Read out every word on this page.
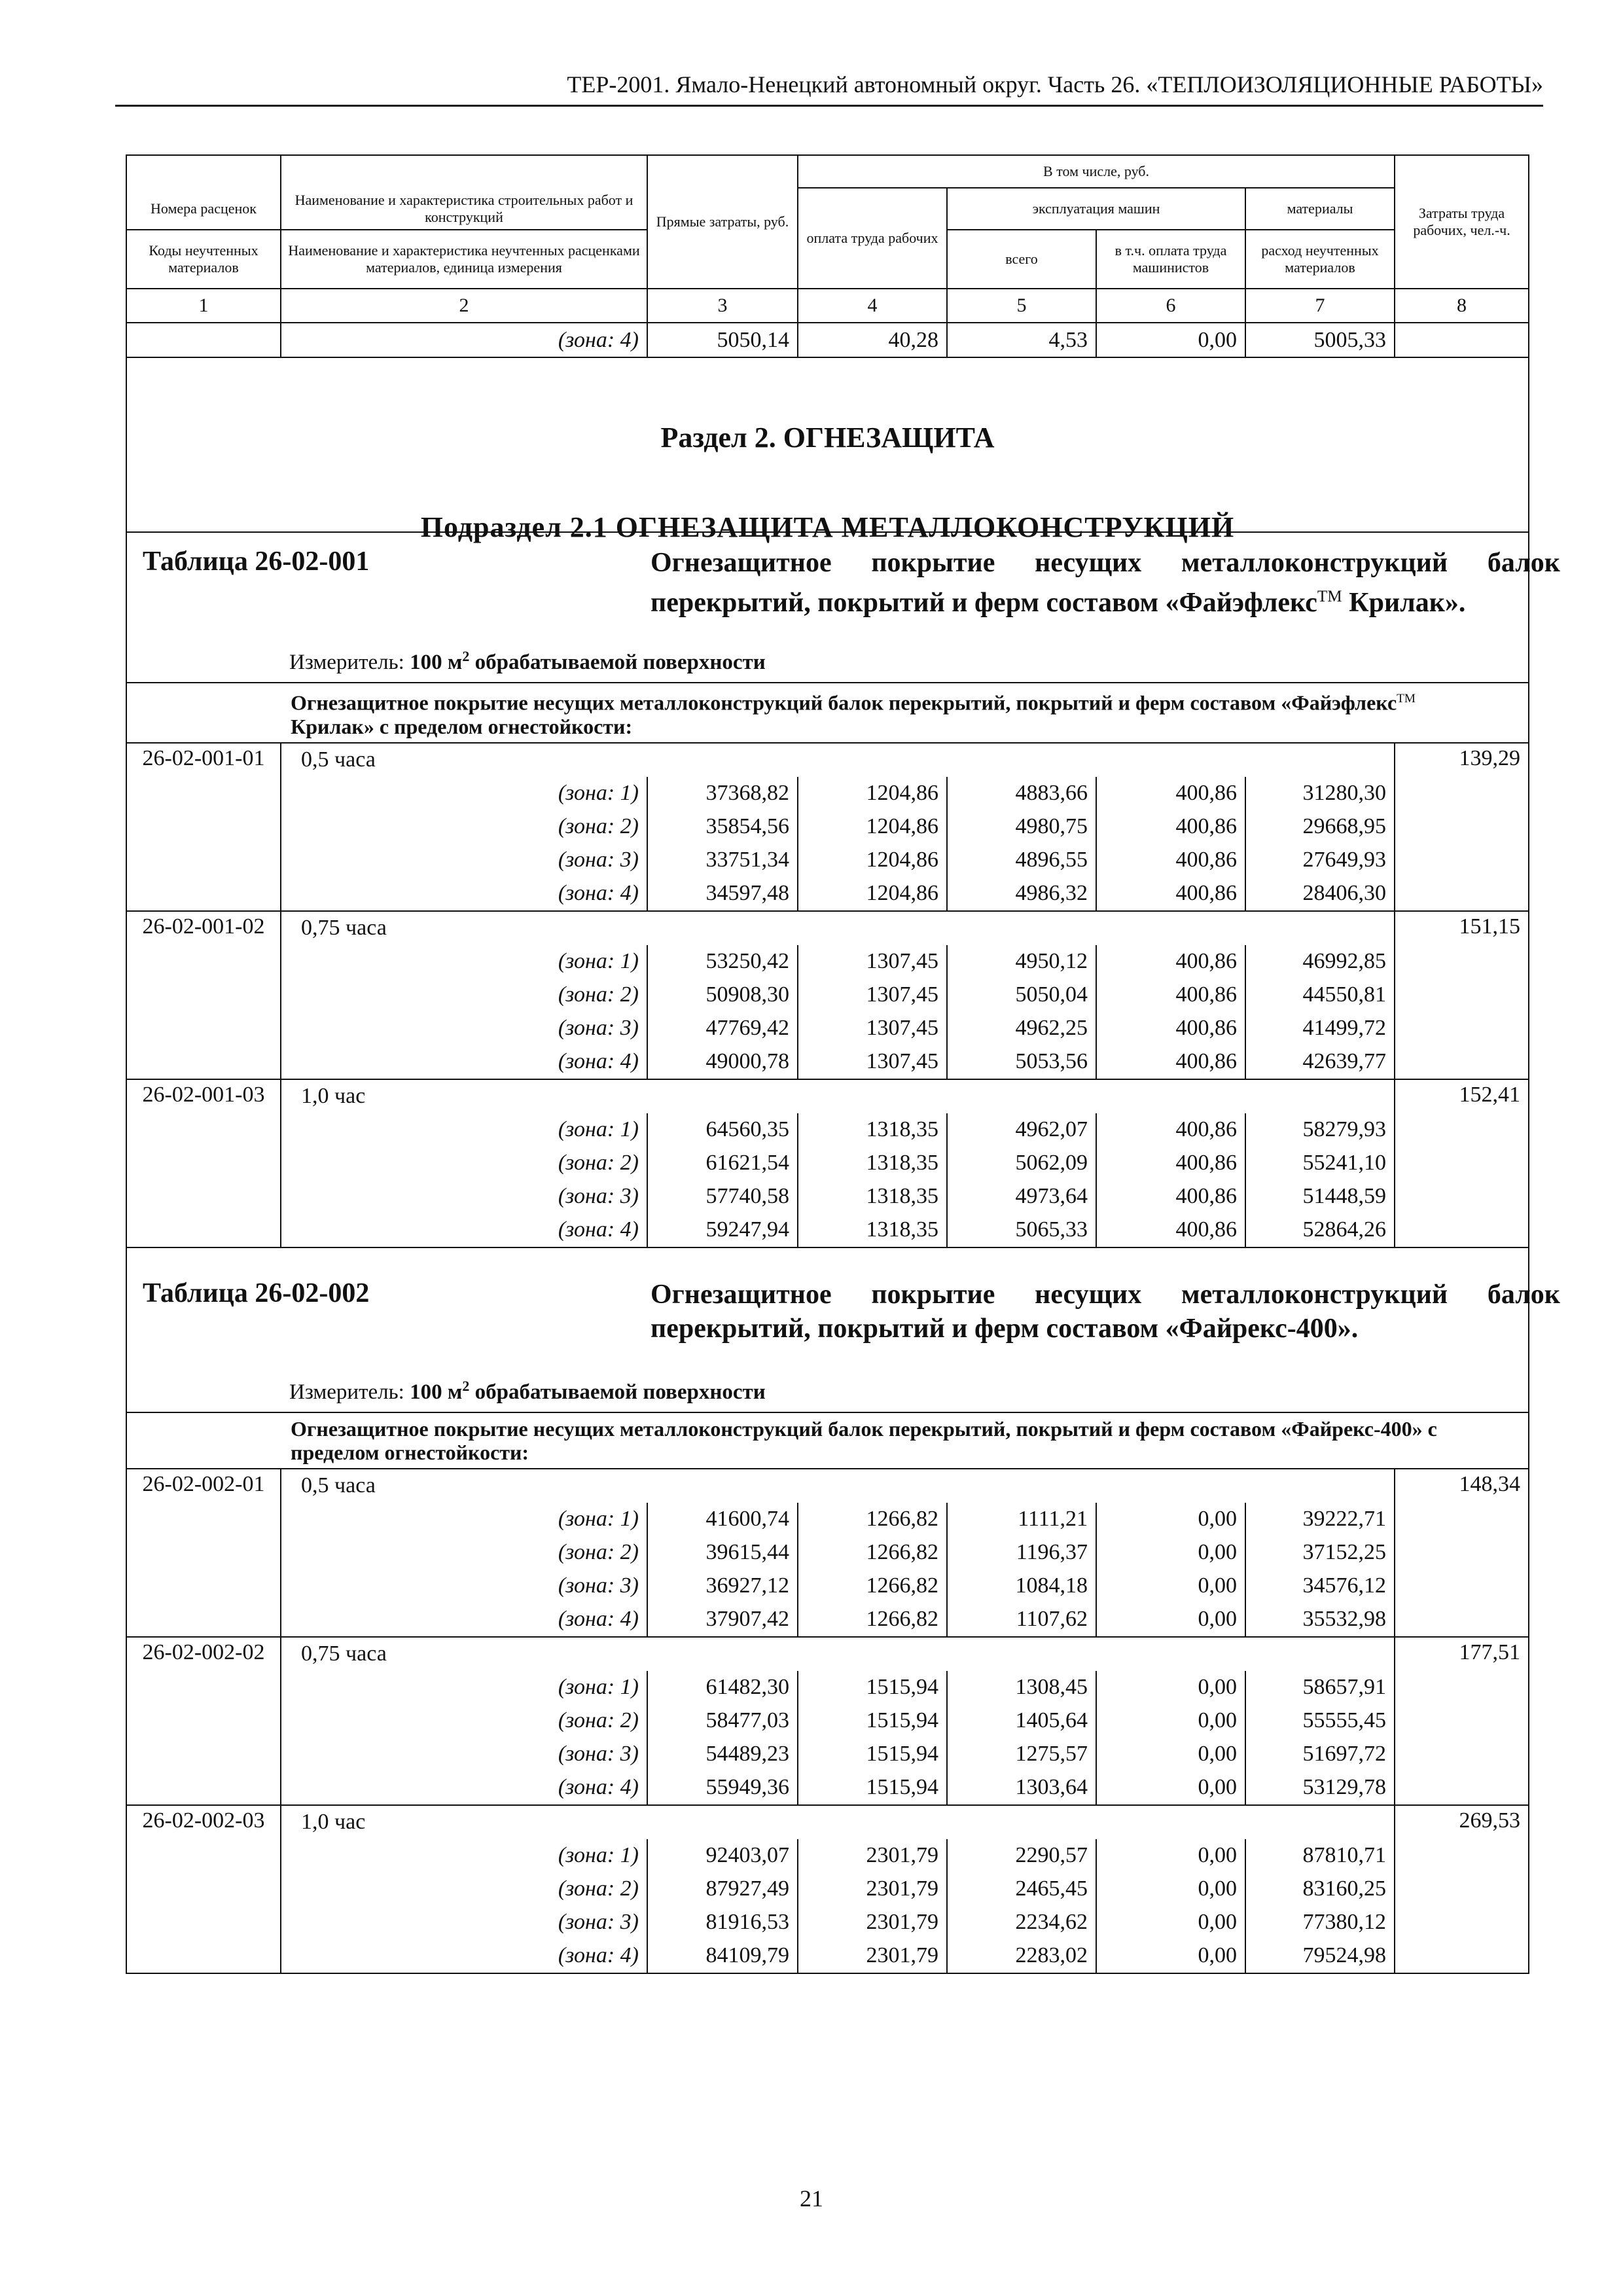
ТЕР-2001. Ямало-Ненецкий автономный округ. Часть 26. «ТЕПЛОИЗОЛЯЦИОННЫЕ РАБОТЫ»
		Прямые затраты, руб.	В том числе, руб.				Затраты труда рабочих, чел.-ч.
Номера расценок	Наименование и характеристика строительных работ и конструкций		оплата труда рабочих	эксплуатация машин		материалы	
Коды неучтенных материалов	Наименование и характеристика неучтенных расценками материалов, единица измерения			всего	в т.ч. оплата труда машинистов	расход неучтенных материалов	
1	2	3	4	5	6	7	8
	(зона: 4)	5050,14	40,28	4,53	0,00	5005,33	

Раздел 2. ОГНЕЗАЩИТА
Подраздел 2.1 ОГНЕЗАЩИТА МЕТАЛЛОКОНСТРУКЦИЙ							

Таблица 26-02-001 Огнезащитное покрытие несущих металлоконструкций балок перекрытий, покрытий и ферм составом «Файэфлекс™ Крилак».
Измеритель: 100 $м^2$ обрабатываемой поверхности							

Огнезащитное покрытие несущих металлоконструкций балок перекрытий, покрытий и ферм составом «Файэфлекс™ Крилак» с пределом огнестойкости:							
26-02-001-01	0,5 часа						139,29
	(зона: 1)	37368,82	1204,86	4883,66	400,86	31280,30	
	(зона: 2)	35854,56	1204,86	4980,75	400,86	29668,95	
	(зона: 3)	33751,34	1204,86	4896,55	400,86	27649,93	
	(зона: 4)	34597,48	1204,86	4986,32	400,86	28406,30	
26-02-001-02	0,75 часа						151,15
	(зона: 1)	53250,42	1307,45	4950,12	400,86	46992,85	
	(зона: 2)	50908,30	1307,45	5050,04	400,86	44550,81	
	(зона: 3)	47769,42	1307,45	4962,25	400,86	41499,72	
	(зона: 4)	49000,78	1307,45	5053,56	400,86	42639,77	
26-02-001-03	1,0 час						152,41
	(зона: 1)	64560,35	1318,35	4962,07	400,86	58279,93	
	(зона: 2)	61621,54	1318,35	5062,09	400,86	55241,10	
	(зона: 3)	57740,58	1318,35	4973,64	400,86	51448,59	
	(зона: 4)	59247,94	1318,35	5065,33	400,86	52864,26	

Таблица 26-02-002 Огнезащитное покрытие несущих металлоконструкций балок перекрытий, покрытий и ферм составом «Файрекс-400».
Измеритель: 100 $м^2$ обрабатываемой поверхности							

Огнезащитное покрытие несущих металлоконструкций балок перекрытий, покрытий и ферм составом «Файрекс-400» с пределом огнестойкости:							
26-02-002-01	0,5 часа						148,34
	(зона: 1)	41600,74	1266,82	1111,21	0,00	39222,71	
	(зона: 2)	39615,44	1266,82	1196,37	0,00	37152,25	
	(зона: 3)	36927,12	1266,82	1084,18	0,00	34576,12	
	(зона: 4)	37907,42	1266,82	1107,62	0,00	35532,98	
26-02-002-02	0,75 часа						177,51
	(зона: 1)	61482,30	1515,94	1308,45	0,00	58657,91	
	(зона: 2)	58477,03	1515,94	1405,64	0,00	55555,45	
	(зона: 3)	54489,23	1515,94	1275,57	0,00	51697,72	
	(зона: 4)	55949,36	1515,94	1303,64	0,00	53129,78	
26-02-002-03	1,0 час						269,53
	(зона: 1)	92403,07	2301,79	2290,57	0,00	87810,71	
	(зона: 2)	87927,49	2301,79	2465,45	0,00	83160,25	
	(зона: 3)	81916,53	2301,79	2234,62	0,00	77380,12	
	(зона: 4)	84109,79	2301,79	2283,02	0,00	79524,98	
21
